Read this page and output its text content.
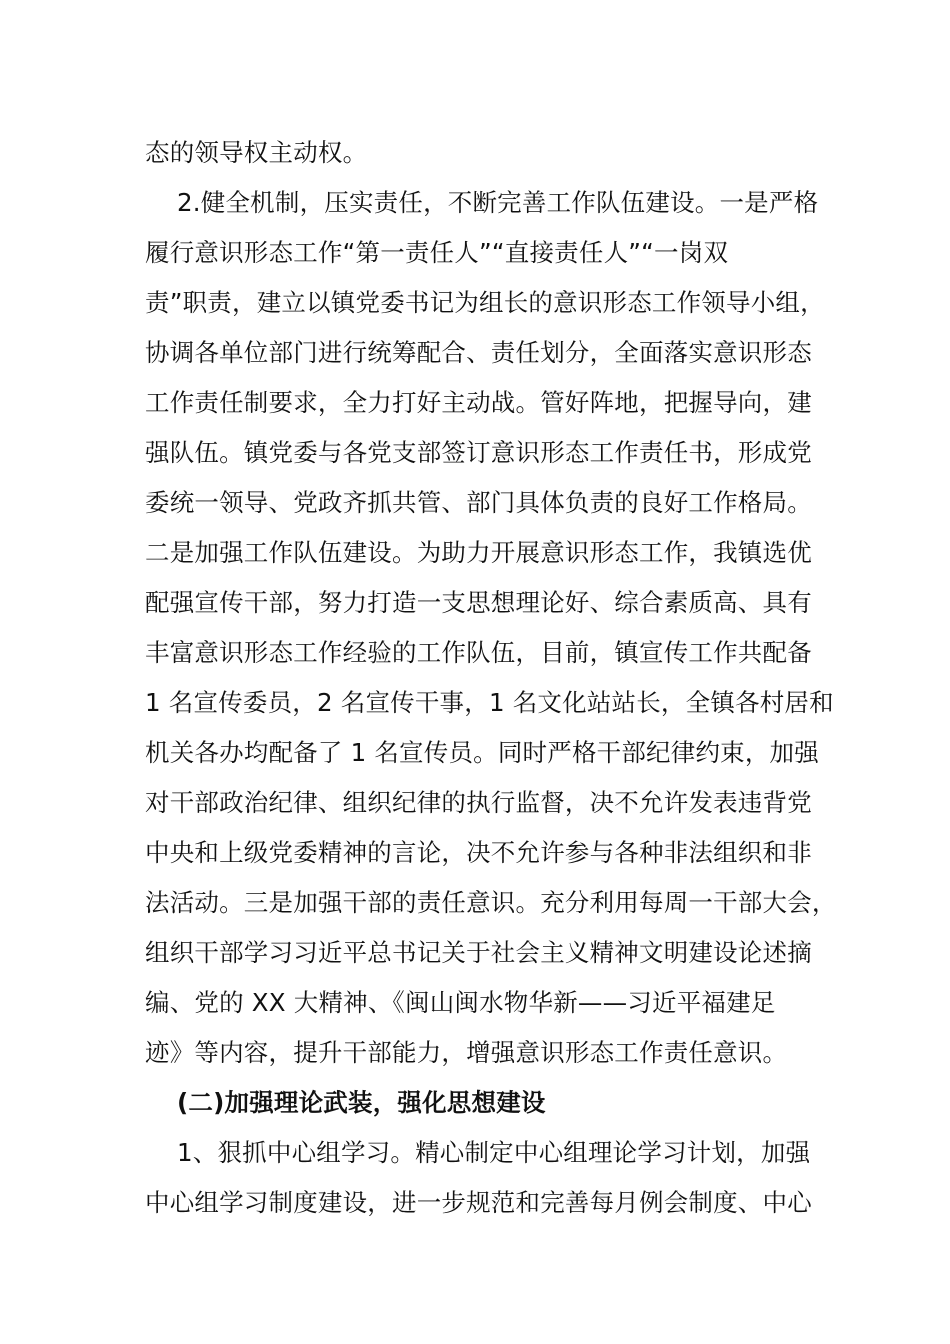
态的领导权主动权。
2.健全机制，压实责任，不断完善工作队伍建设。一是严格
履行意识形态工作“第一责任人”“直接责任人”“一岗双
责”职责，建立以镇党委书记为组长的意识形态工作领导小组，
协调各单位部门进行统筹配合、责任划分，全面落实意识形态
工作责任制要求，全力打好主动战。管好阵地，把握导向，建
强队伍。镇党委与各党支部签订意识形态工作责任书，形成党
委统一领导、党政齐抓共管、部门具体负责的良好工作格局。
二是加强工作队伍建设。为助力开展意识形态工作，我镇选优
配强宣传干部，努力打造一支思想理论好、综合素质高、具有
丰富意识形态工作经验的工作队伍，目前，镇宣传工作共配备
1 名宣传委员，2 名宣传干事，1 名文化站站长，全镇各村居和
机关各办均配备了 1 名宣传员。同时严格干部纪律约束，加强
对干部政治纪律、组织纪律的执行监督，决不允许发表违背党
中央和上级党委精神的言论，决不允许参与各种非法组织和非
法活动。三是加强干部的责任意识。充分利用每周一干部大会，
组织干部学习习近平总书记关于社会主义精神文明建设论述摘
编、党的 XX 大精神、《闽山闽水物华新——习近平福建足
迹》等内容，提升干部能力，增强意识形态工作责任意识。
(二)加强理论武装，强化思想建设
1、狠抓中心组学习。精心制定中心组理论学习计划，加强
中心组学习制度建设，进一步规范和完善每月例会制度、中心
